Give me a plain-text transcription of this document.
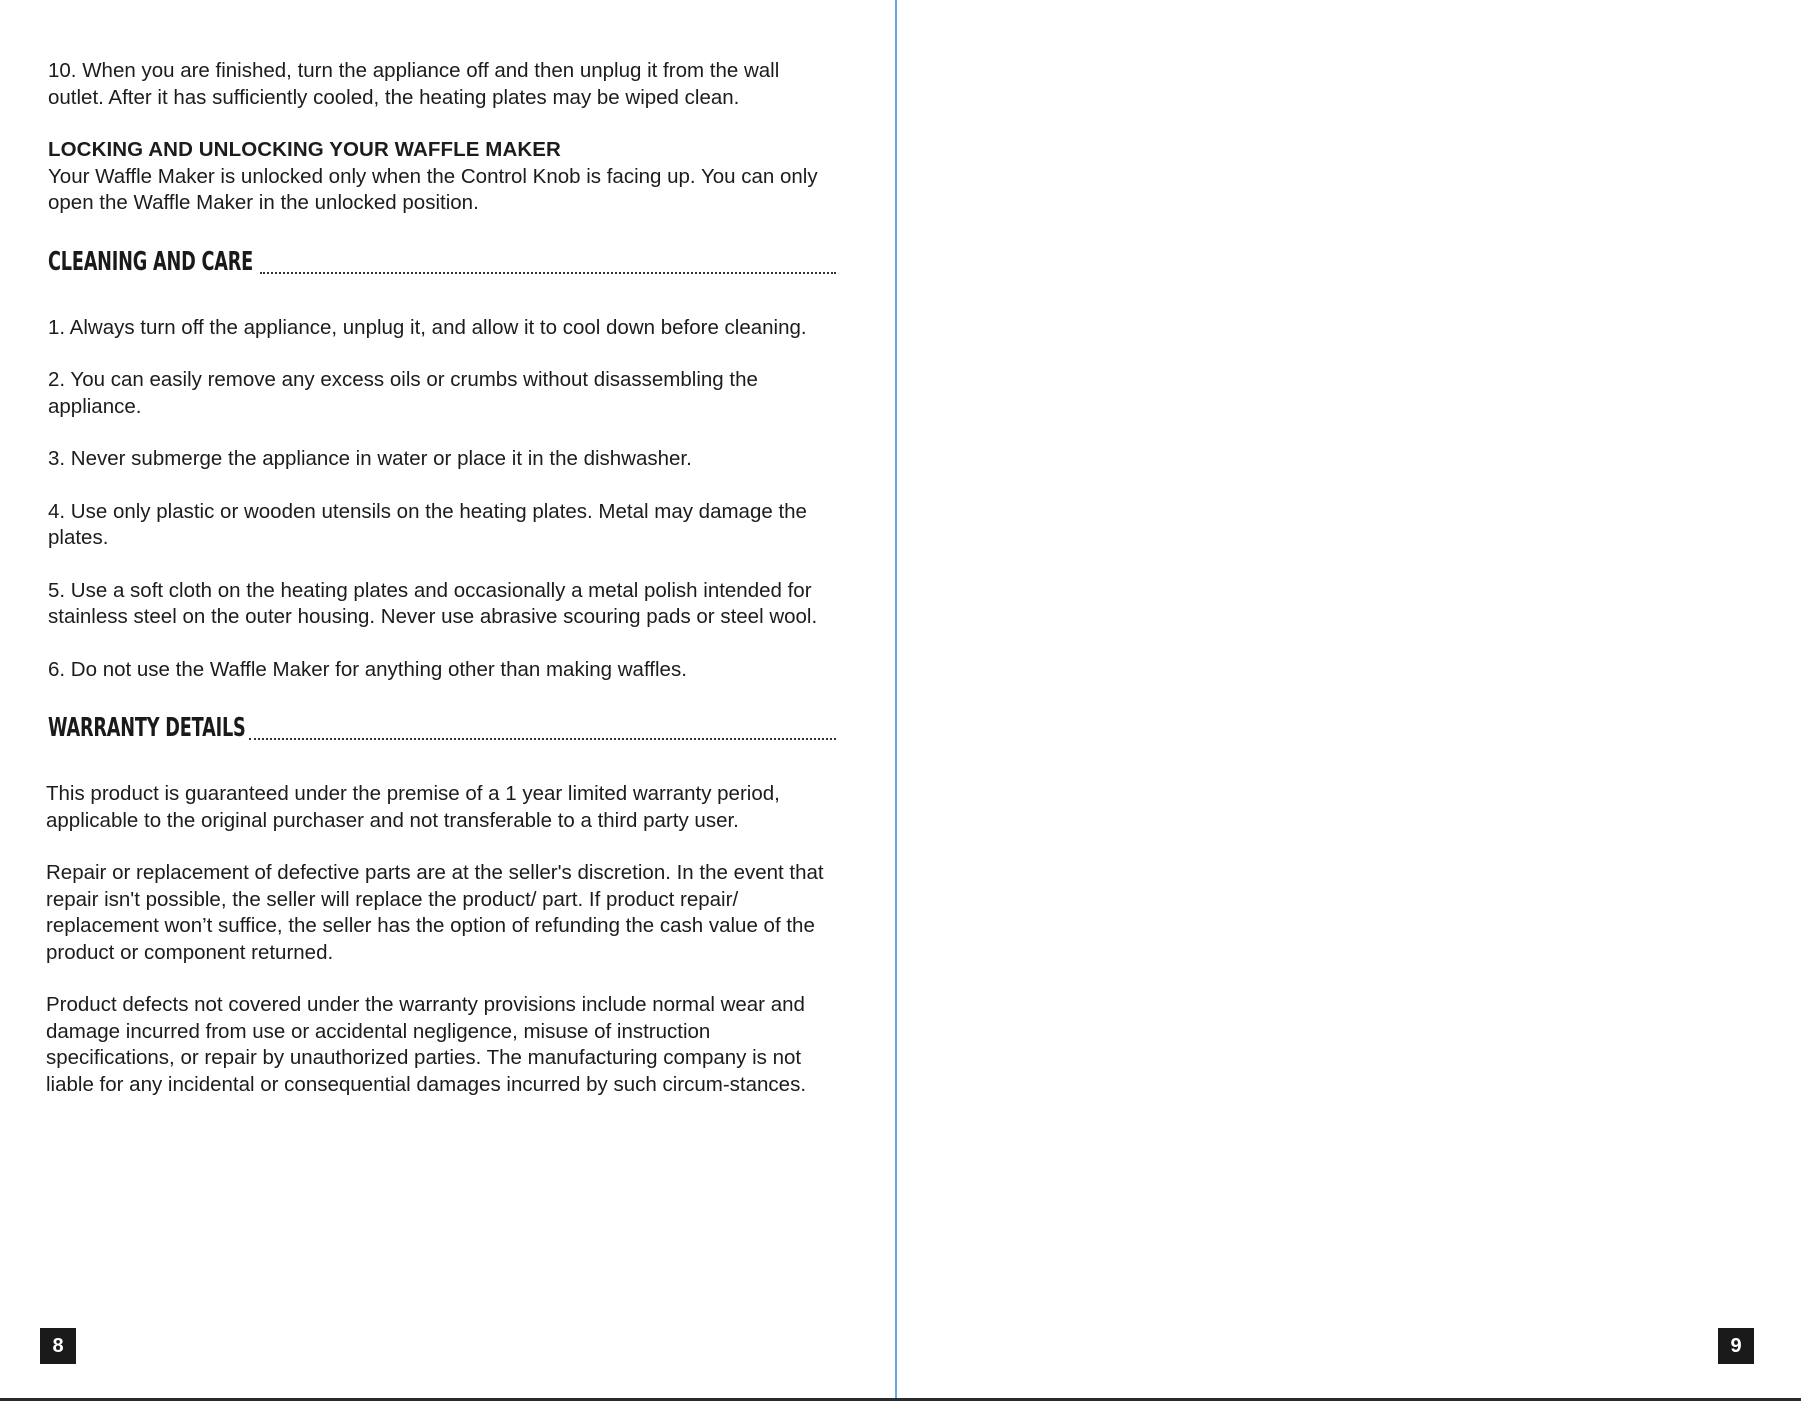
10. When you are finished, turn the appliance off and then unplug it from the wall outlet. After it has sufficiently cooled, the heating plates may be wiped clean.

LOCKING AND UNLOCKING YOUR WAFFLE MAKER

Your Waffle Maker is unlocked only when the Control Knob is facing up. You can only open the Waffle Maker in the unlocked position.

CLEANING AND CARE

1. Always turn off the appliance, unplug it, and allow it to cool down before cleaning.

2. You can easily remove any excess oils or crumbs without disassembling the appliance.

3. Never submerge the appliance in water or place it in the dishwasher.

4. Use only plastic or wooden utensils on the heating plates. Metal may damage the plates.

5. Use a soft cloth on the heating plates and occasionally a metal polish intended for stainless steel on the outer housing. Never use abrasive scouring pads or steel wool.

6. Do not use the Waffle Maker for anything other than making waffles.

WARRANTY DETAILS

This product is guaranteed under the premise of a 1 year limited warranty period, applicable to the original purchaser and not transferable to a third party user.

Repair or replacement of defective parts are at the seller's discretion. In the event that repair isn't possible, the seller will replace the product/ part. If product repair/ replacement won’t suffice, the seller has the option of refunding the cash value of the product or component returned.

Product defects not covered under the warranty provisions include normal wear and damage incurred from use or accidental negligence, misuse of instruction specifications, or repair by unauthorized parties. The manufacturing company is not liable for any incidental or consequential damages incurred by such circum-stances.

8	9
